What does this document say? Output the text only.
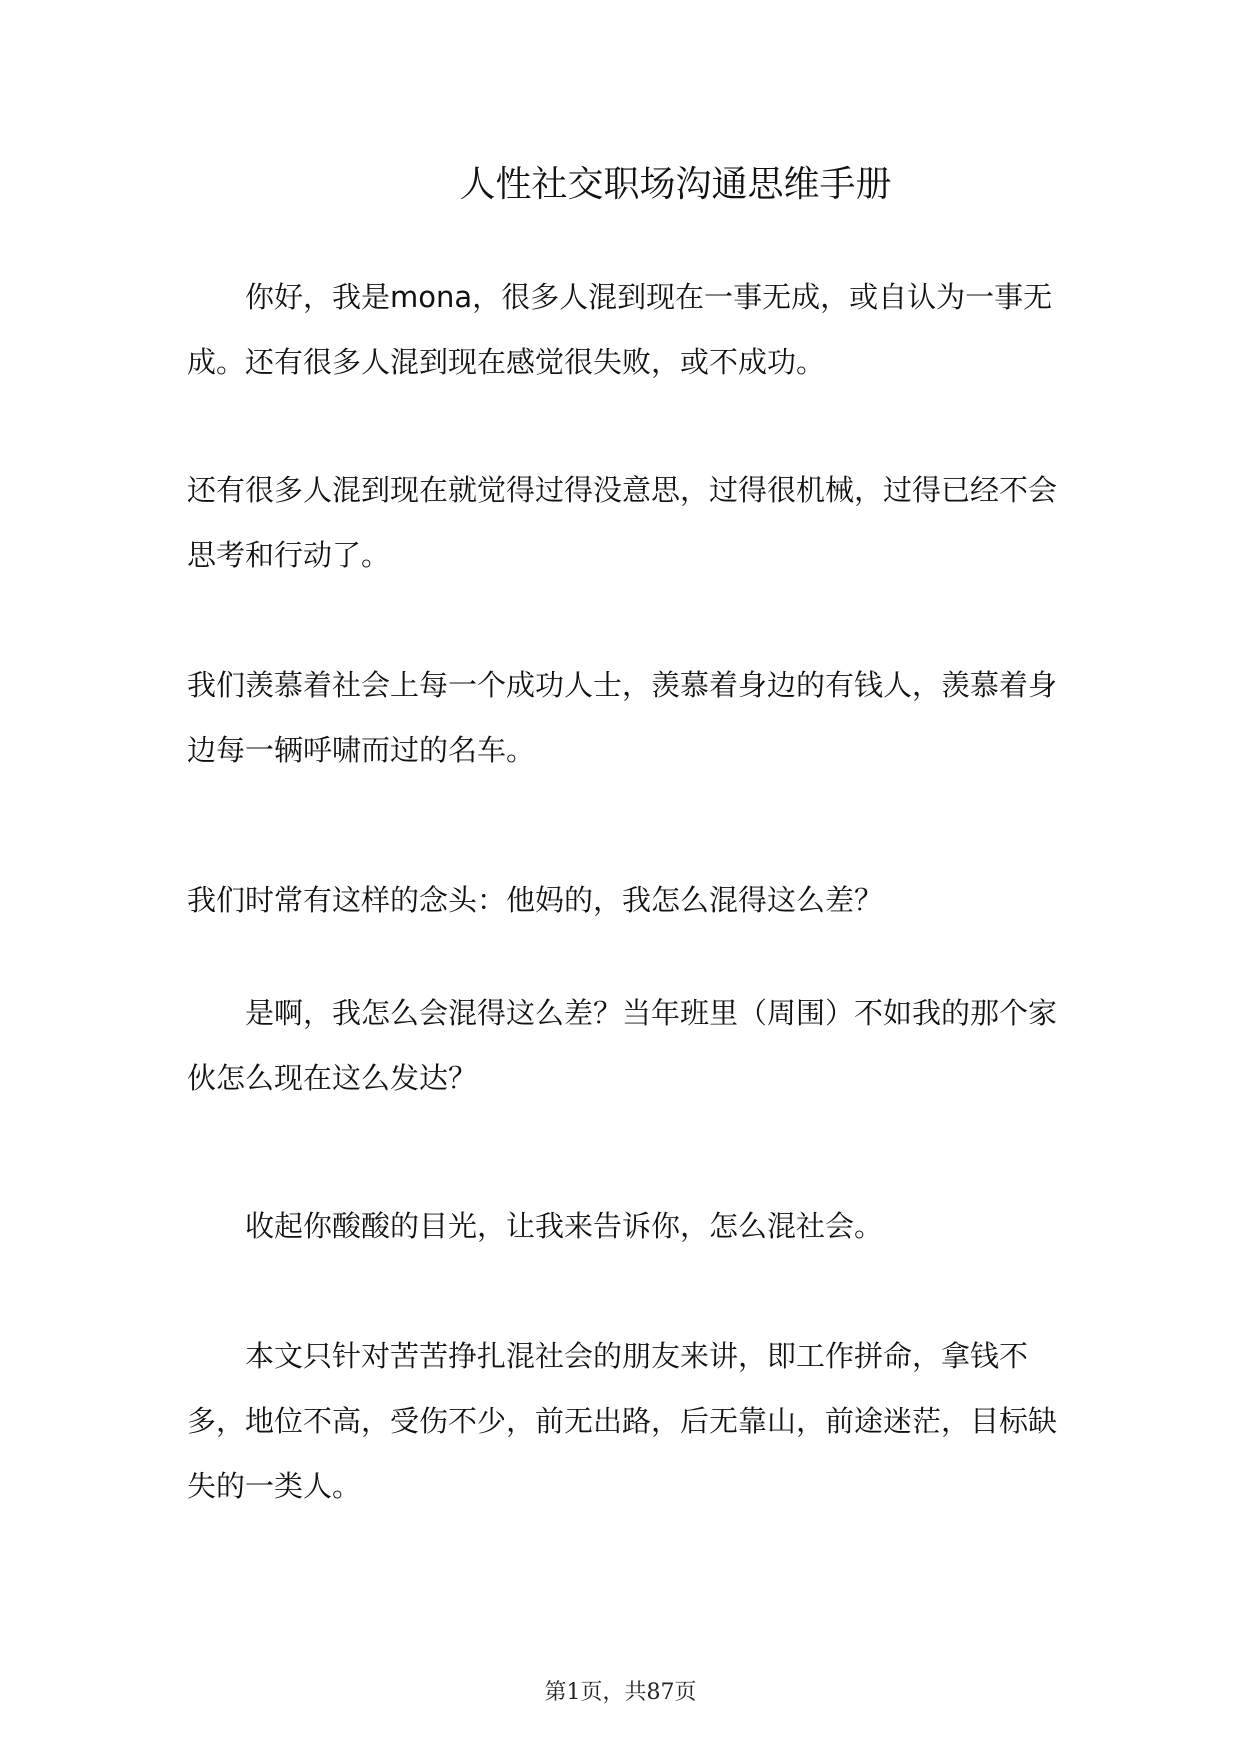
人性社交职场沟通思维手册

你好，我是mona，很多人混到现在一事无成，或自认为一事无成。还有很多人混到现在感觉很失败，或不成功。

还有很多人混到现在就觉得过得没意思，过得很机械，过得已经不会思考和行动了。

我们羡慕着社会上每一个成功人士，羡慕着身边的有钱人，羡慕着身边每一辆呼啸而过的名车。

我们时常有这样的念头：他妈的，我怎么混得这么差？

是啊，我怎么会混得这么差？当年班里（周围）不如我的那个家伙怎么现在这么发达？

收起你酸酸的目光，让我来告诉你，怎么混社会。

本文只针对苦苦挣扎混社会的朋友来讲，即工作拼命，拿钱不多，地位不高，受伤不少，前无出路，后无靠山，前途迷茫，目标缺失的一类人。

第1页，共87页
